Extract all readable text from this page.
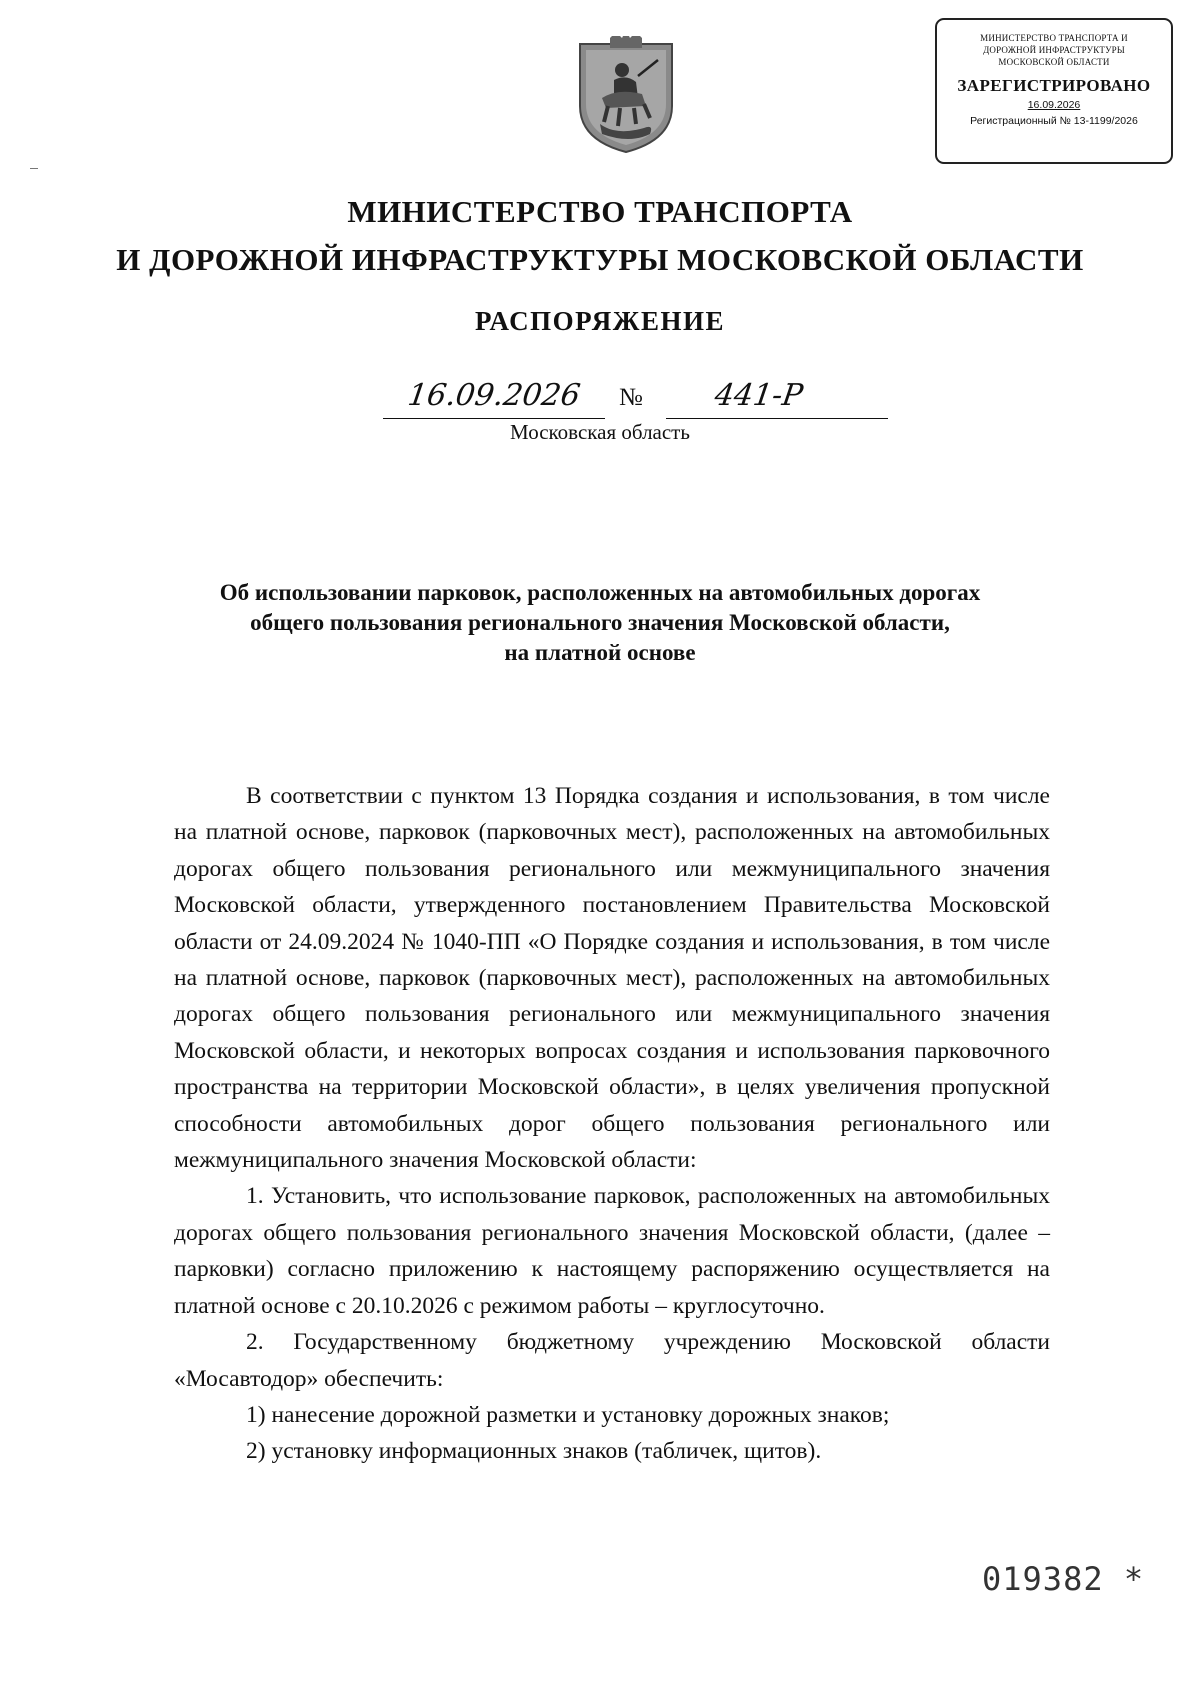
МИНИСТЕРСТВО ТРАНСПОРТА И ДОРОЖНОЙ ИНФРАСТРУКТУРЫ МОСКОВСКОЙ ОБЛАСТИ
ЗАРЕГИСТРИРОВАНО
16.09.2026
Регистрационный № 13-1199/2026
МИНИСТЕРСТВО ТРАНСПОРТА
И ДОРОЖНОЙ ИНФРАСТРУКТУРЫ МОСКОВСКОЙ ОБЛАСТИ
РАСПОРЯЖЕНИЕ
16.09.2026	№	441-Р
Московская область
Об использовании парковок, расположенных на автомобильных дорогах
общего пользования регионального значения Московской области,
на платной основе

В соответствии с пунктом 13 Порядка создания и использования, в том числе на платной основе, парковок (парковочных мест), расположенных на автомобильных дорогах общего пользования регионального или межмуниципального значения Московской области, утвержденного постановлением Правительства Московской области от 24.09.2024 № 1040-ПП «О Порядке создания и использования, в том числе на платной основе, парковок (парковочных мест), расположенных на автомобильных дорогах общего пользования регионального или межмуниципального значения Московской области, и некоторых вопросах создания и использования парковочного пространства на территории Московской области», в целях увеличения пропускной способности автомобильных дорог общего пользования регионального или межмуниципального значения Московской области:

1. Установить, что использование парковок, расположенных на автомобильных дорогах общего пользования регионального значения Московской области, (далее – парковки) согласно приложению к настоящему распоряжению осуществляется на платной основе с 20.10.2026 с режимом работы – круглосуточно.

2. Государственному бюджетному учреждению Московской области «Мосавтодор» обеспечить:

1) нанесение дорожной разметки и установку дорожных знаков;

2) установку информационных знаков (табличек, щитов).

019382 *
